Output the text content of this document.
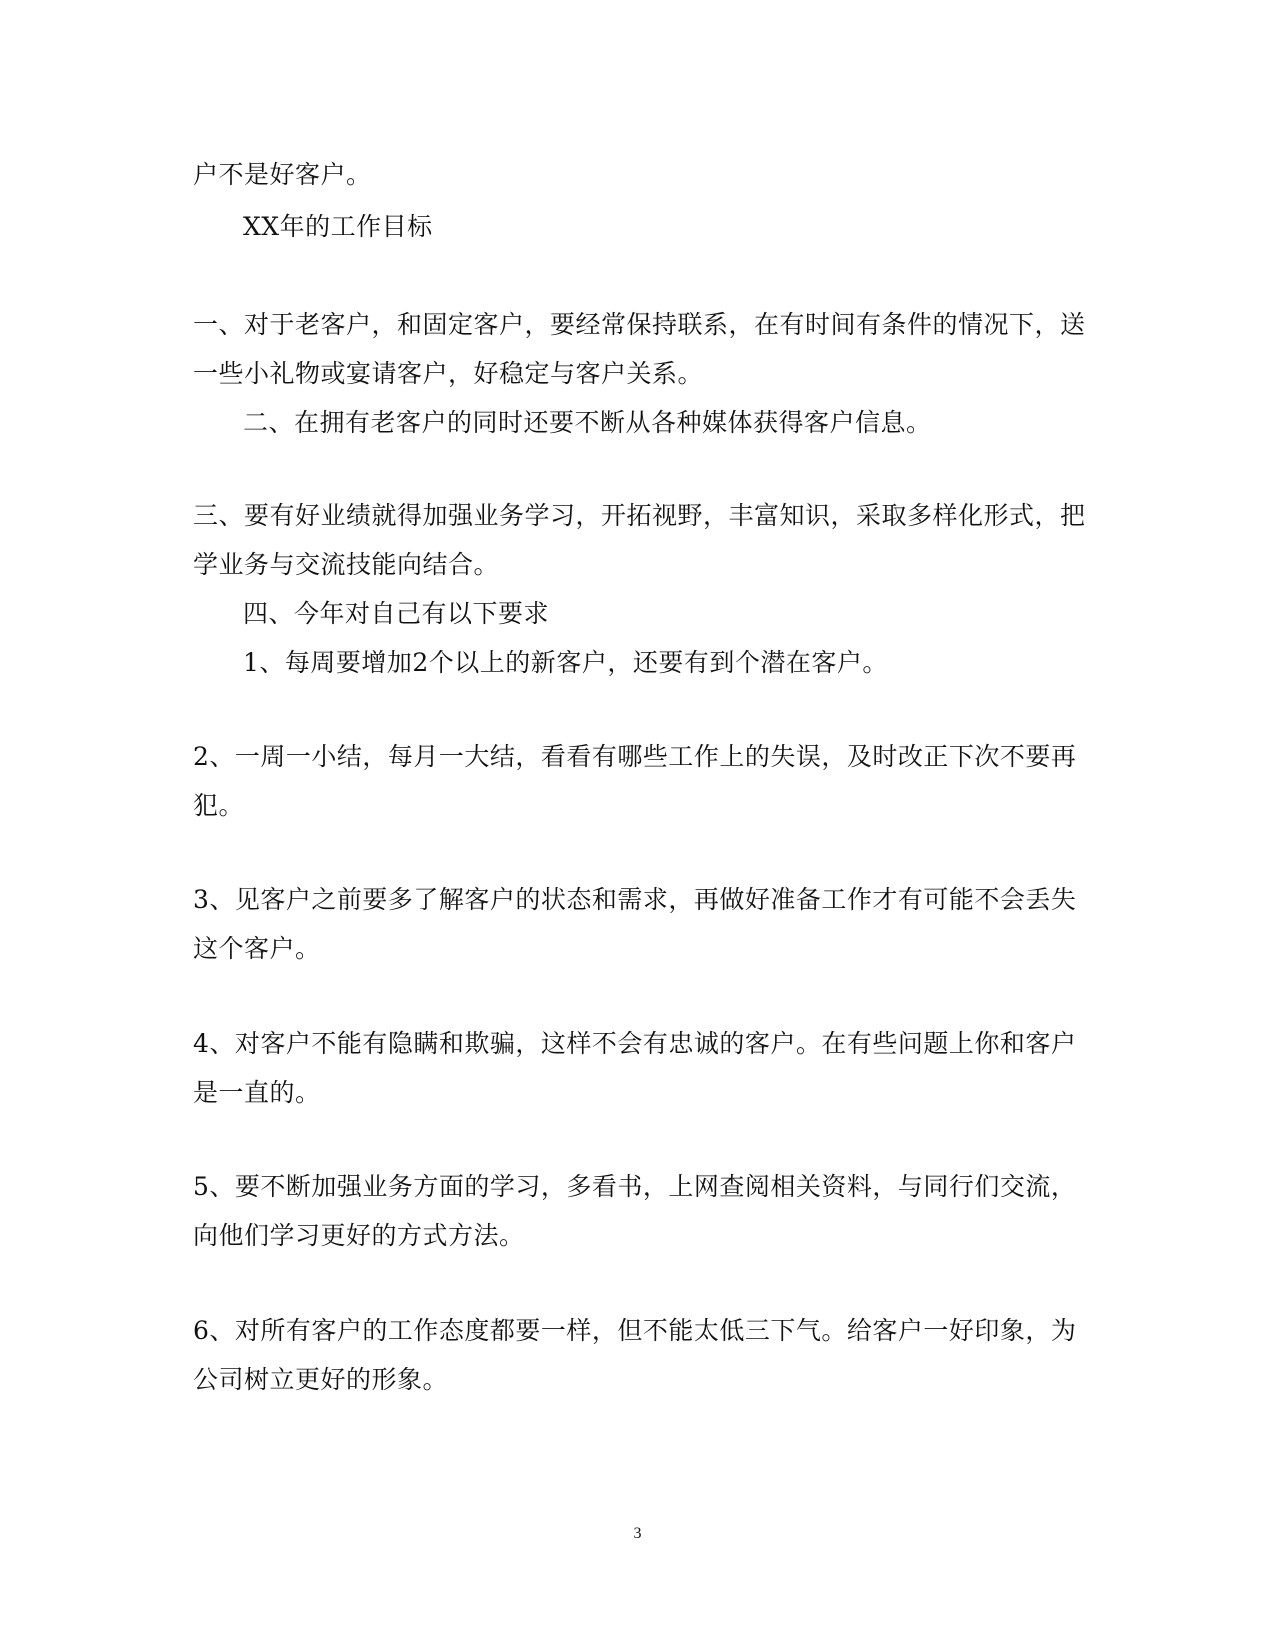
户不是好客户。
XX年的工作目标
一、对于老客户，和固定客户，要经常保持联系，在有时间有条件的情况下，送
一些小礼物或宴请客户，好稳定与客户关系。
二、在拥有老客户的同时还要不断从各种媒体获得客户信息。
三、要有好业绩就得加强业务学习，开拓视野，丰富知识，采取多样化形式，把
学业务与交流技能向结合。
四、今年对自己有以下要求
1、每周要增加2个以上的新客户，还要有到个潜在客户。
2、一周一小结，每月一大结，看看有哪些工作上的失误，及时改正下次不要再
犯。
3、见客户之前要多了解客户的状态和需求，再做好准备工作才有可能不会丢失
这个客户。
4、对客户不能有隐瞒和欺骗，这样不会有忠诚的客户。在有些问题上你和客户
是一直的。
5、要不断加强业务方面的学习，多看书，上网查阅相关资料，与同行们交流，
向他们学习更好的方式方法。
6、对所有客户的工作态度都要一样，但不能太低三下气。给客户一好印象，为
公司树立更好的形象。
3
